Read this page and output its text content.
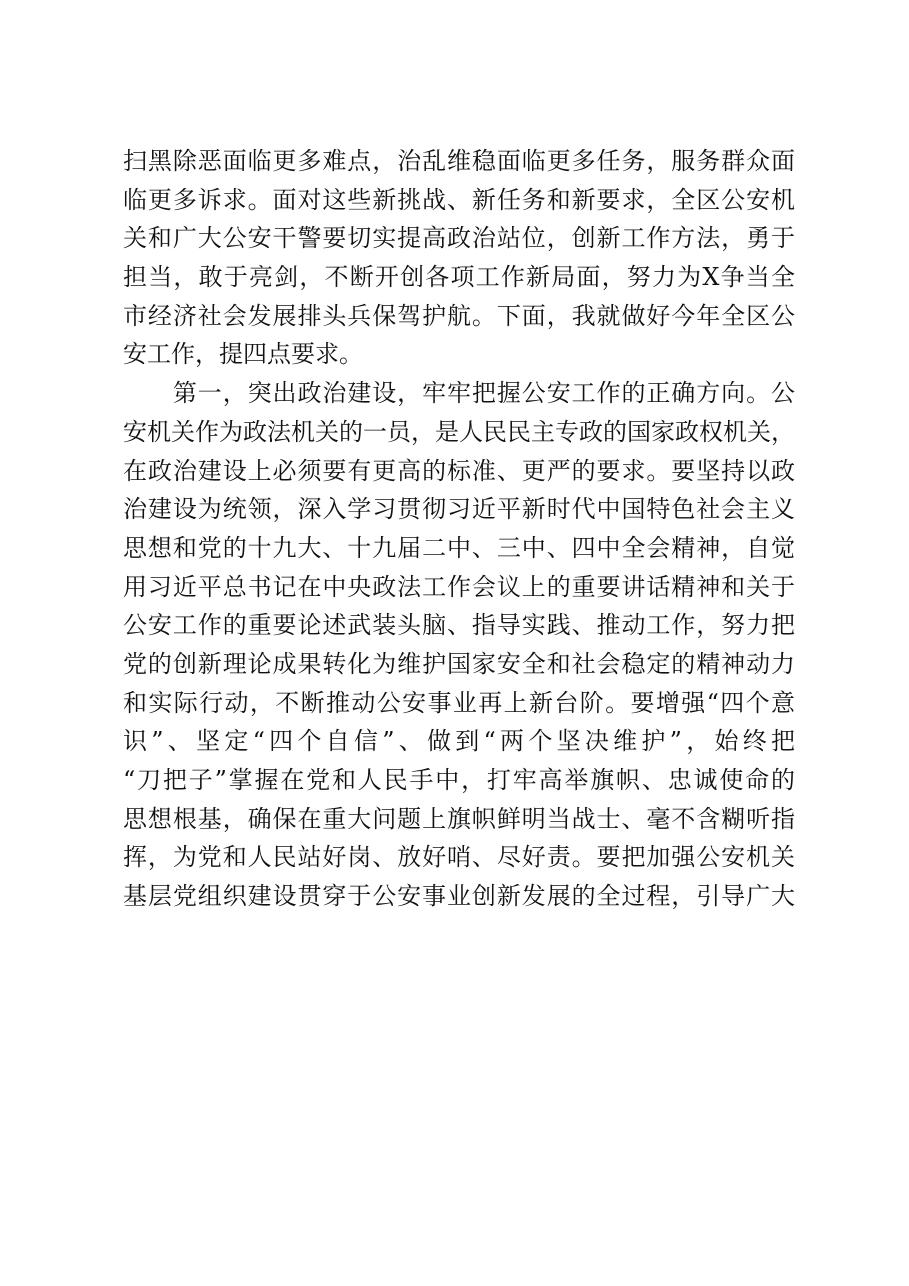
扫黑除恶面临更多难点，治乱维稳面临更多任务，服务群众面
临更多诉求。面对这些新挑战、新任务和新要求，全区公安机
关和广大公安干警要切实提高政治站位，创新工作方法，勇于
担当，敢于亮剑，不断开创各项工作新局面，努力为X争当全
市经济社会发展排头兵保驾护航。下面，我就做好今年全区公
安工作，提四点要求。
　　第一，突出政治建设，牢牢把握公安工作的正确方向。公
安机关作为政法机关的一员，是人民民主专政的国家政权机关，
在政治建设上必须要有更高的标准、更严的要求。要坚持以政
治建设为统领，深入学习贯彻习近平新时代中国特色社会主义
思想和党的十九大、十九届二中、三中、四中全会精神，自觉
用习近平总书记在中央政法工作会议上的重要讲话精神和关于
公安工作的重要论述武装头脑、指导实践、推动工作，努力把
党的创新理论成果转化为维护国家安全和社会稳定的精神动力
和实际行动，不断推动公安事业再上新台阶。要增强“四个意
识”、坚定“四个自信”、做到“两个坚决维护”，始终把
“刀把子”掌握在党和人民手中，打牢高举旗帜、忠诚使命的
思想根基，确保在重大问题上旗帜鲜明当战士、毫不含糊听指
挥，为党和人民站好岗、放好哨、尽好责。要把加强公安机关
基层党组织建设贯穿于公安事业创新发展的全过程，引导广大
